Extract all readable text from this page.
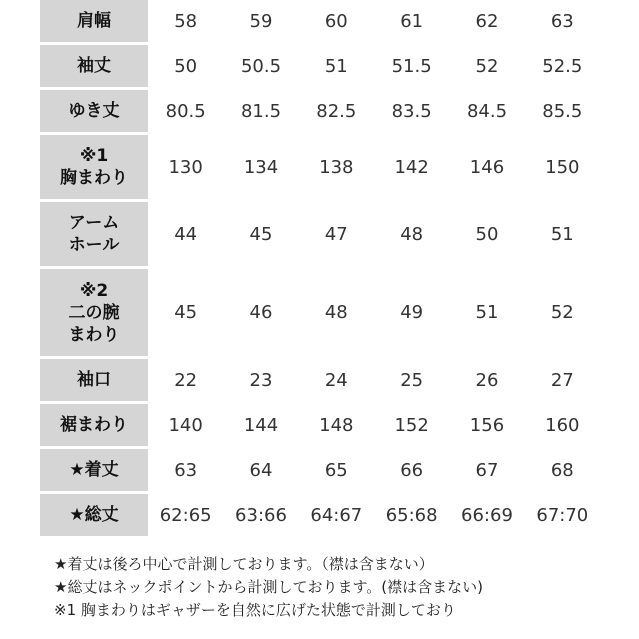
肩幅	58	59	60	61	62	63
袖丈	50	50.5	51	51.5	52	52.5
ゆき丈	80.5	81.5	82.5	83.5	84.5	85.5
※1
胸まわり	130	134	138	142	146	150
アーム
ホール	44	45	47	48	50	51
※2
二の腕
まわり	45	46	48	49	51	52
袖口	22	23	24	25	26	27
裾まわり	140	144	148	152	156	160
★着丈	63	64	65	66	67	68
★総丈	62:65	63:66	64:67	65:68	66:69	67:70

★着丈は後ろ中心で計測しております。（襟は含まない）

★総丈はネックポイントから計測しております。(襟は含まない)

※1 胸まわりはギャザーを自然に広げた状態で計測しており
